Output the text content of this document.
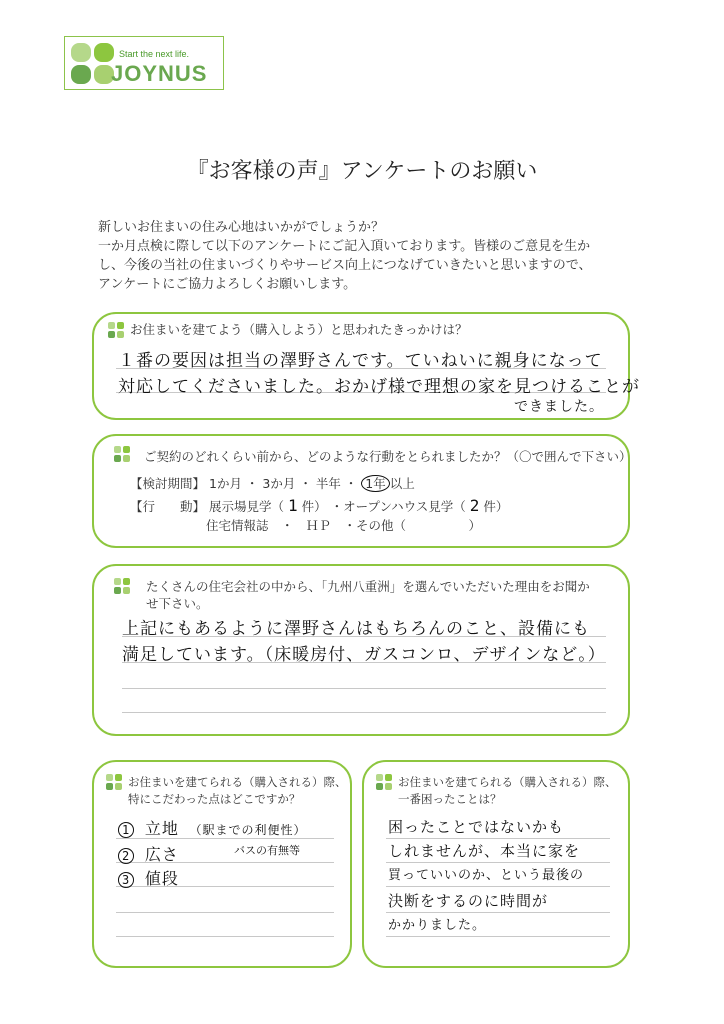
Start the next life.
JOYNUS
『お客様の声』アンケートのお願い
新しいお住まいの住み心地はいかがでしょうか？
一か月点検に際して以下のアンケートにご記入頂いております。皆様のご意見を生か
し、今後の当社の住まいづくりやサービス向上につなげていきたいと思いますので、
アンケートにご協力よろしくお願いします。
お住まいを建てよう（購入しよう）と思われたきっかけは？
１番の要因は担当の澤野さんです。ていねいに親身になって
対応してくださいました。おかげ様で理想の家を見つけることが
できました。
ご契約のどれくらい前から、どのような行動をとられましたか？（〇で囲んで下さい）
【検討期間】 1か月 ・ 3か月 ・ 半年 ・ 1年 以上
【行　　動】 展示場見学（ 1 件） ・オープンハウス見学（ 2 件）
住宅情報誌　・　ＨＰ　・その他（　　　　　）
たくさんの住宅会社の中から、「九州八重洲」を選んでいただいた理由をお聞か
せ下さい。
上記にもあるように澤野さんはもちろんのこと、設備にも
満足しています。（床暖房付、ガスコンロ、デザインなど。）
お住まいを建てられる（購入される）際、
特にこだわった点はどこですか？
1 立地 （駅までの利便性）
バスの有無等
2 広さ
3 値段
お住まいを建てられる（購入される）際、
一番困ったことは？
困ったことではないかも
しれませんが、本当に家を
買っていいのか、という最後の
決断をするのに時間が
かかりました。
